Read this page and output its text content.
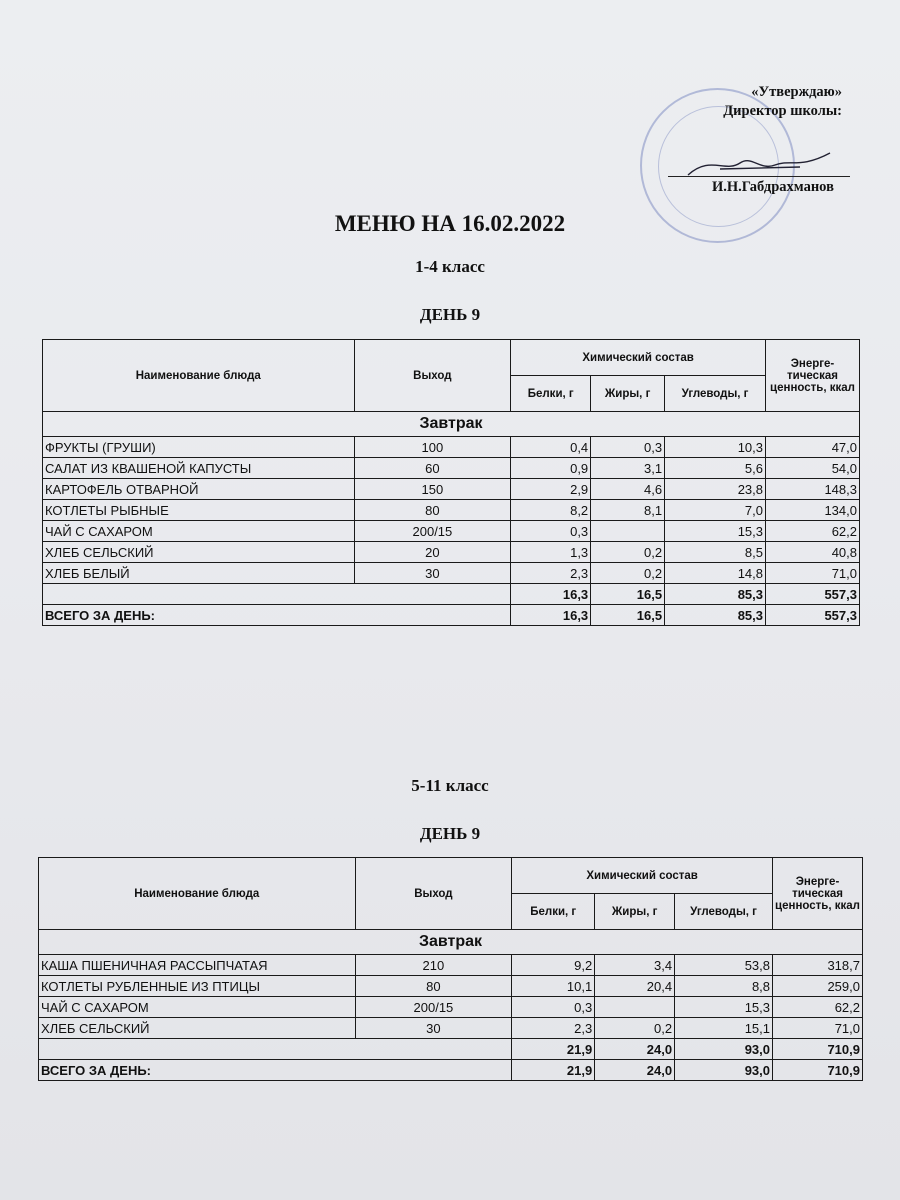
«Утверждаю»
Директор школы:
И.Н.Габдрахманов
МЕНЮ НА 16.02.2022
1-4 класс
ДЕНЬ 9
Наименование блюда	Выход	Химический состав			Энерге-тическая ценность, ккал
		Белки, г	Жиры, г	Углеводы, г	
Завтрак					
ФРУКТЫ (ГРУШИ)	100	0,4	0,3	10,3	47,0
САЛАТ ИЗ КВАШЕНОЙ КАПУСТЫ	60	0,9	3,1	5,6	54,0
КАРТОФЕЛЬ ОТВАРНОЙ	150	2,9	4,6	23,8	148,3
КОТЛЕТЫ РЫБНЫЕ	80	8,2	8,1	7,0	134,0
ЧАЙ С САХАРОМ	200/15	0,3		15,3	62,2
ХЛЕБ СЕЛЬСКИЙ	20	1,3	0,2	8,5	40,8
ХЛЕБ БЕЛЫЙ	30	2,3	0,2	14,8	71,0
		16,3	16,5	85,3	557,3
ВСЕГО ЗА ДЕНЬ:		16,3	16,5	85,3	557,3
5-11 класс
ДЕНЬ 9
Наименование блюда	Выход	Химический состав			Энерге-тическая ценность, ккал
		Белки, г	Жиры, г	Углеводы, г	
Завтрак					
КАША ПШЕНИЧНАЯ РАССЫПЧАТАЯ	210	9,2	3,4	53,8	318,7
КОТЛЕТЫ РУБЛЕННЫЕ ИЗ ПТИЦЫ	80	10,1	20,4	8,8	259,0
ЧАЙ С САХАРОМ	200/15	0,3		15,3	62,2
ХЛЕБ СЕЛЬСКИЙ	30	2,3	0,2	15,1	71,0
		21,9	24,0	93,0	710,9
ВСЕГО ЗА ДЕНЬ:		21,9	24,0	93,0	710,9
